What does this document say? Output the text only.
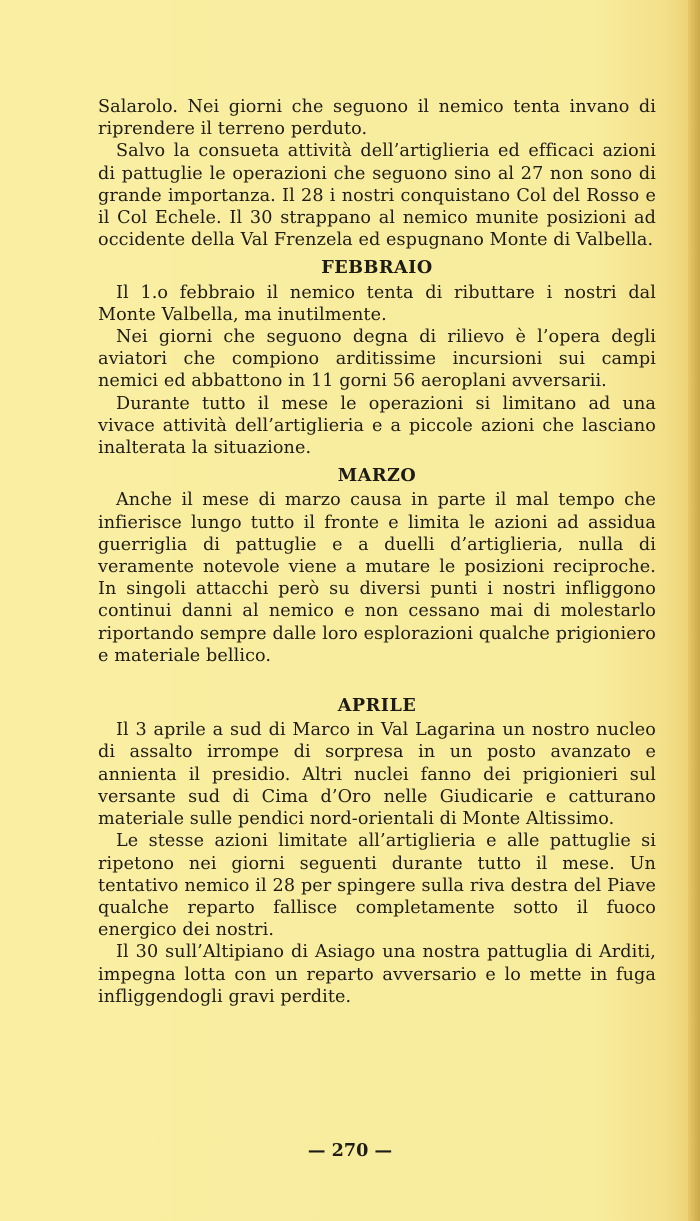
Salarolo. Nei giorni che seguono il nemico tenta invano di riprendere il terreno perduto.

Salvo la consueta attività dell’artiglieria ed efficaci azioni di pattuglie le operazioni che seguono sino al 27 non sono di grande importanza. Il 28 i nostri conquistano Col del Rosso e il Col Echele. Il 30 strappano al nemico munite posizioni ad occidente della Val Frenzela ed espugnano Monte di Valbella.

FEBBRAIO

Il 1.o febbraio il nemico tenta di ributtare i nostri dal Monte Valbella, ma inutilmente.

Nei giorni che seguono degna di rilievo è l’opera degli aviatori che compiono arditissime incursioni sui campi nemici ed abbattono in 11 gorni 56 aeroplani avversarii.

Durante tutto il mese le operazioni si limitano ad una vivace attività dell’artiglieria e a piccole azioni che lasciano inalterata la situazione.

MARZO

Anche il mese di marzo causa in parte il mal tempo che infierisce lungo tutto il fronte e limita le azioni ad assidua guerriglia di pattuglie e a duelli d’artiglieria, nulla di veramente notevole viene a mutare le posizioni reciproche. In singoli attacchi però su diversi punti i nostri infliggono continui danni al nemico e non cessano mai di molestarlo riportando sempre dalle loro esplorazioni qualche prigioniero e materiale bellico.

APRILE

Il 3 aprile a sud di Marco in Val Lagarina un nostro nucleo di assalto irrompe di sorpresa in un posto avanzato e annienta il presidio. Altri nuclei fanno dei prigionieri sul versante sud di Cima d’Oro nelle Giudicarie e catturano materiale sulle pendici nord-orientali di Monte Altissimo.

Le stesse azioni limitate all’artiglieria e alle pattuglie si ripetono nei giorni seguenti durante tutto il mese. Un tentativo nemico il 28 per spingere sulla riva destra del Piave qualche reparto fallisce completamente sotto il fuoco energico dei nostri.

Il 30 sull’Altipiano di Asiago una nostra pattuglia di Arditi, impegna lotta con un reparto avversario e lo mette in fuga infliggendogli gravi perdite.

— 270 —
